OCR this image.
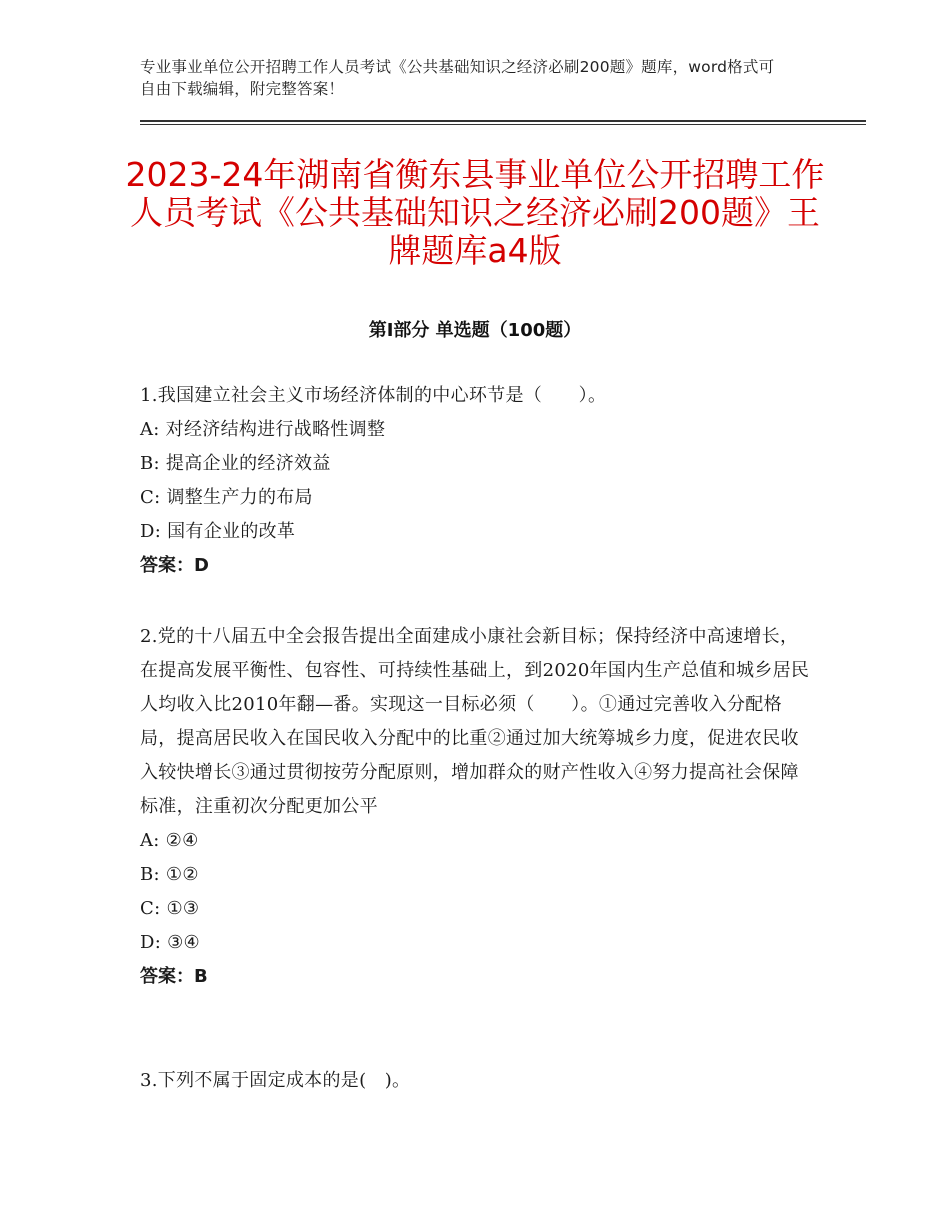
专业事业单位公开招聘工作人员考试《公共基础知识之经济必刷200题》题库，word格式可自由下载编辑，附完整答案！
2023-24年湖南省衡东县事业单位公开招聘工作人员考试《公共基础知识之经济必刷200题》王牌题库a4版
第Ⅰ部分 单选题（100题）

1.我国建立社会主义市场经济体制的中心环节是（　　）。

A: 对经济结构进行战略性调整

B: 提高企业的经济效益

C: 调整生产力的布局

D: 国有企业的改革

答案：D

2.党的十八届五中全会报告提出全面建成小康社会新目标；保持经济中高速增长，在提高发展平衡性、包容性、可持续性基础上，到2020年国内生产总值和城乡居民人均收入比2010年翻—番。实现这一目标必须（　　）。①通过完善收入分配格局，提高居民收入在国民收入分配中的比重②通过加大统筹城乡力度，促进农民收入较快增长③通过贯彻按劳分配原则，增加群众的财产性收入④努力提高社会保障标准，注重初次分配更加公平

A: ②④

B: ①②

C: ①③

D: ③④

答案：B

3.下列不属于固定成本的是(　)。
